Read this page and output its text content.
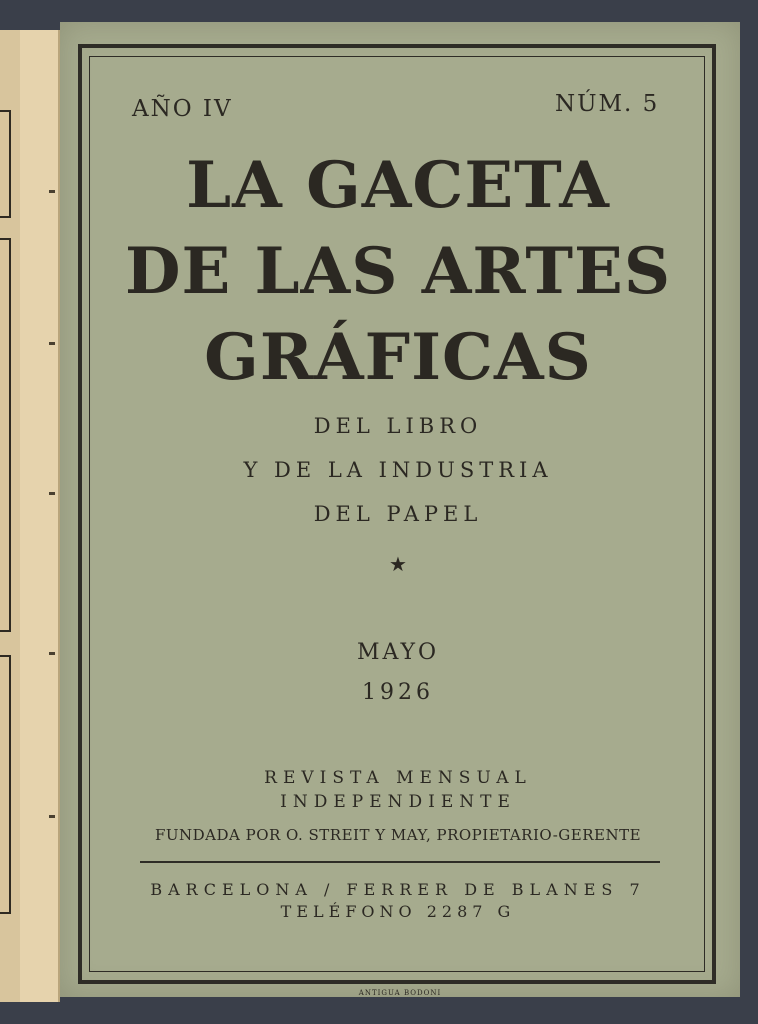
AÑO IV	NÚM. 5

LA GACETA
DE LAS ARTES
GRÁFICAS

DEL LIBRO

Y DE LA INDUSTRIA

DEL PAPEL

★

MAYO

1926

REVISTA MENSUAL

INDEPENDIENTE

FUNDADA POR O. STREIT Y MAY, PROPIETARIO-GERENTE

BARCELONA / FERRER DE BLANES 7

TELÉFONO 2287 G

ANTIGUA BODONI
